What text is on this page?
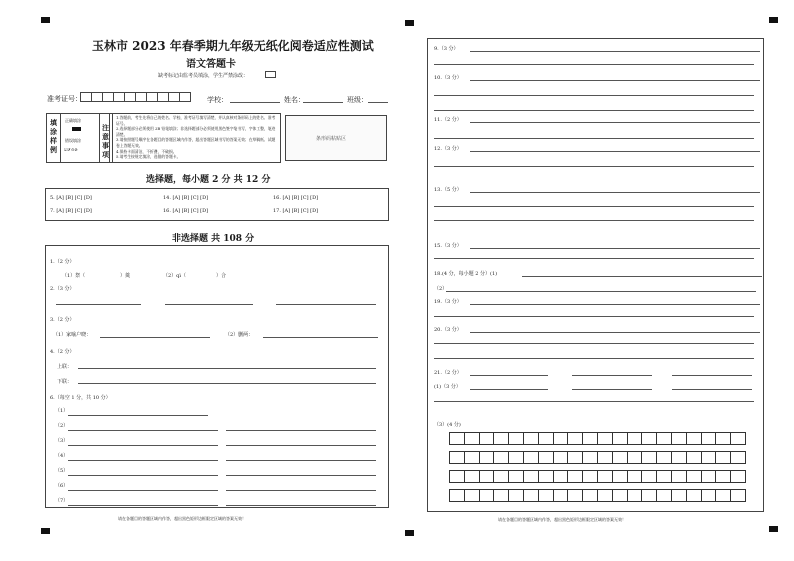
玉林市 2023 年春季期九年级无纸化阅卷适应性测试
语文答题卡
缺考标记由监考员填涂，学生严禁涂改：
准考证号：	学校：	姓名：	班级：
填涂样例
正确填涂
错误填涂
☑✗⊙⊘
注意事项
1.答题前，考生先将自己的姓名、学校、准考证号填写清楚，并认真核对条形码上的姓名、准考证号。
2.选择题部分必须使用 2B 铅笔填涂；非选择题部分必须使用黑色签字笔书写，字体工整，笔迹清楚。
3.请按照题号顺序在各题目的答题区域内作答，超出答题区域书写的答案无效；在草稿纸、试题卷上答题无效。
4.保持卡面清洁，不折叠，不破损。
5.请考生按规定填涂，选错的答题卡。
条形码粘贴区
选择题，每小题 2 分 共 12 分
5. [A] [B] [C] [D]	14. [A] [B] [C] [D]	16. [A] [B] [C] [D]
7. [A] [B] [C] [D]	16. [A] [B] [C] [D]	17. [A] [B] [C] [D]
非选择题 共 108 分
1.（2 分）
（1）祭（	）奠	（2）qì（	）合
2.（3 分）
3.（2 分）
（1）家喻户晓：	（2）删两：
4.（2 分）
上联：
下联：
6.（每空 1 分，共 10 分）
（1）
（2）
（3）
（4）
（5）
（6）
（7）
请在各题目的答题区域内作答，超出黑色矩形边框限定区域的答案无效！
9.（3 分）
10.（3 分）
11.（2 分）
12.（3 分）
13.（5 分）
15.（3 分）
18.(4 分，每小题 2 分）(1)
（2）
19.（3 分）
20.（3 分）
21.（2 分）
(1)（3 分）
（3）(4 分)
请在各题目的答题区域内作答，超出黑色矩形边框限定区域的答案无效！
